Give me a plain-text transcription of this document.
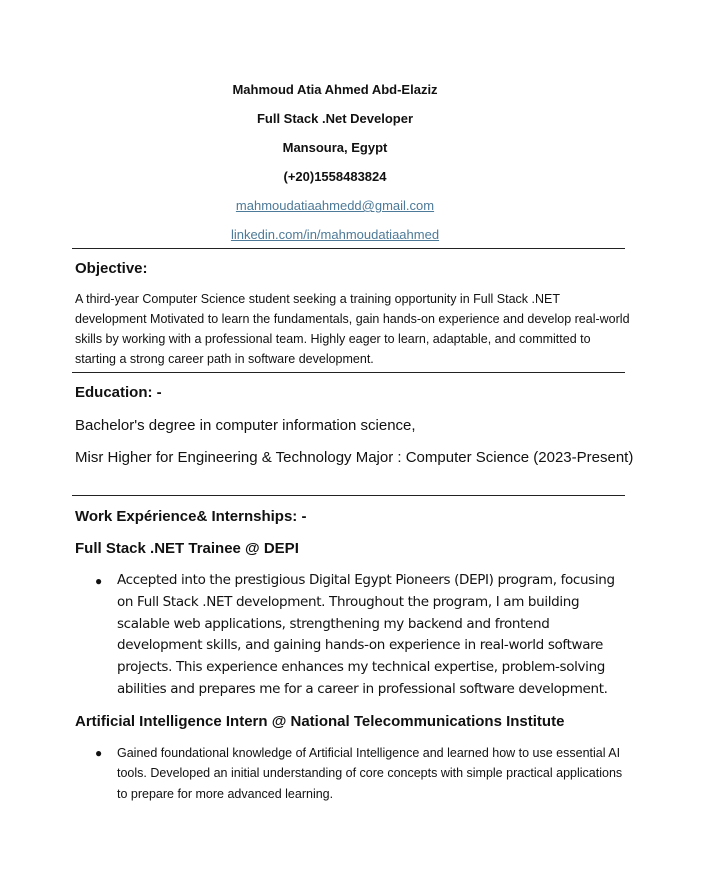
Mahmoud Atia Ahmed Abd-Elaziz
Full Stack .Net Developer
Mansoura, Egypt
(+20)1558483824
mahmoudatiaahmedd@gmail.com
linkedin.com/in/mahmoudatiaahmed
Objective:
A third-year Computer Science student seeking a training opportunity in Full Stack .NET development Motivated to learn the fundamentals, gain hands-on experience and develop real-world skills by working with a professional team. Highly eager to learn, adaptable, and committed to starting a strong career path in software development.
Education: -
Bachelor's degree in computer information science,
Misr Higher for Engineering & Technology Major : Computer Science (2023-Present)
Work Expérience& Internships: -
Full Stack .NET Trainee @ DEPI
● Accepted into the prestigious Digital Egypt Pioneers (DEPI) program, focusing on Full Stack .NET development. Throughout the program, I am building scalable web applications, strengthening my backend and frontend development skills, and gaining hands-on experience in real-world software projects. This experience enhances my technical expertise, problem-solving abilities and prepares me for a career in professional software development.
Artificial Intelligence Intern @ National Telecommunications Institute
● Gained foundational knowledge of Artificial Intelligence and learned how to use essential AI tools. Developed an initial understanding of core concepts with simple practical applications to prepare for more advanced learning.
